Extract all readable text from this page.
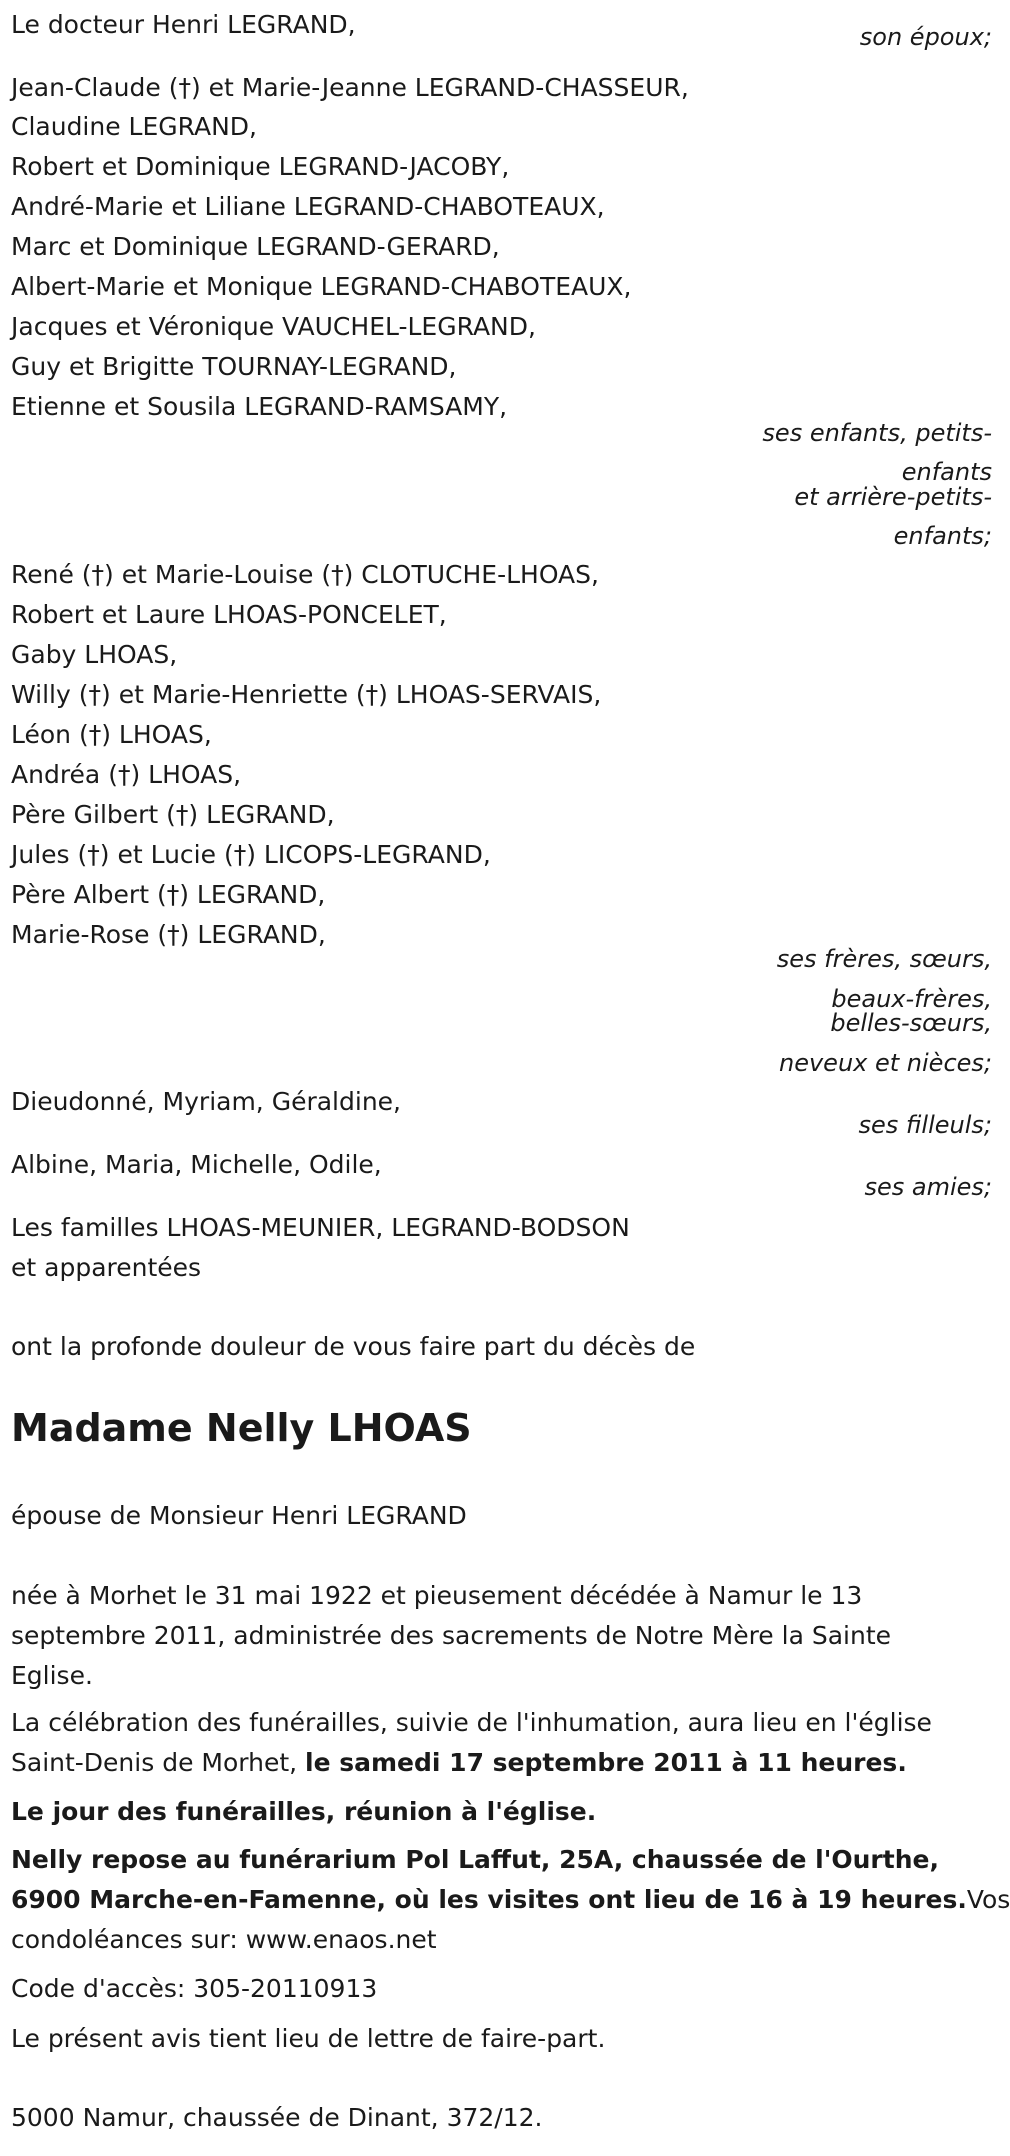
Le docteur Henri LEGRAND,	son époux;
Jean-Claude (†) et Marie-Jeanne LEGRAND-CHASSEUR,
Claudine LEGRAND,
Robert et Dominique LEGRAND-JACOBY,
André-Marie et Liliane LEGRAND-CHABOTEAUX,
Marc et Dominique LEGRAND-GERARD,
Albert-Marie et Monique LEGRAND-CHABOTEAUX,
Jacques et Véronique VAUCHEL-LEGRAND,
Guy et Brigitte TOURNAY-LEGRAND,
Etienne et Sousila LEGRAND-RAMSAMY,
ses enfants, petits-
enfants
et arrière-petits-
enfants;
René (†) et Marie-Louise (†) CLOTUCHE-LHOAS,
Robert et Laure LHOAS-PONCELET,
Gaby LHOAS,
Willy (†) et Marie-Henriette (†) LHOAS-SERVAIS,
Léon (†) LHOAS,
Andréa (†) LHOAS,
Père Gilbert (†) LEGRAND,
Jules (†) et Lucie (†) LICOPS-LEGRAND,
Père Albert (†) LEGRAND,
Marie-Rose (†) LEGRAND,
ses frères, sœurs,
beaux-frères,
belles-sœurs,
neveux et nièces;
Dieudonné, Myriam, Géraldine,
ses filleuls;
Albine, Maria, Michelle, Odile,
ses amies;
Les familles LHOAS-MEUNIER, LEGRAND-BODSON
et apparentées
ont la profonde douleur de vous faire part du décès de
Madame Nelly LHOAS
épouse de Monsieur Henri LEGRAND
née à Morhet le 31 mai 1922 et pieusement décédée à Namur le 13
septembre 2011, administrée des sacrements de Notre Mère la Sainte
Eglise.
La célébration des funérailles, suivie de l'inhumation, aura lieu en l'église
Saint-Denis de Morhet, le samedi 17 septembre 2011 à 11 heures.
Le jour des funérailles, réunion à l'église.
Nelly repose au funérarium Pol Laffut, 25A, chaussée de l'Ourthe,
6900 Marche-en-Famenne, où les visites ont lieu de 16 à 19 heures.Vos
condoléances sur: www.enaos.net
Code d'accès: 305-20110913
Le présent avis tient lieu de lettre de faire-part.
5000 Namur, chaussée de Dinant, 372/12.
